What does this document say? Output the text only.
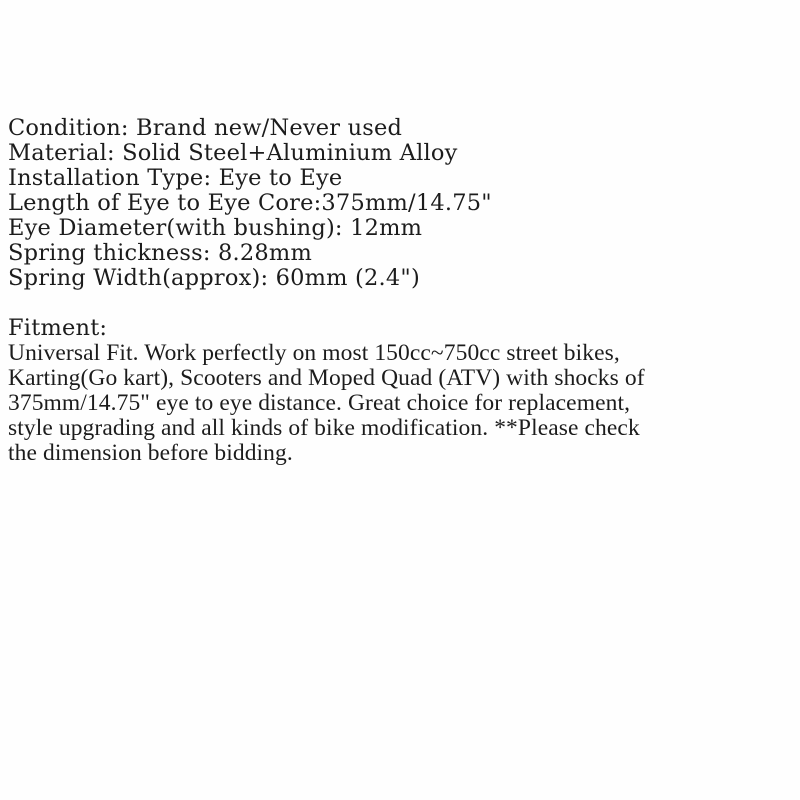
Condition: Brand new/Never used
Material: Solid Steel+Aluminium Alloy
Installation Type: Eye to Eye
Length of Eye to Eye Core:375mm/14.75"
Eye Diameter(with bushing): 12mm
Spring thickness: 8.28mm
Spring Width(approx): 60mm (2.4")
Fitment:
Universal Fit. Work perfectly on most 150cc~750cc street bikes,
Karting(Go kart), Scooters and Moped Quad (ATV) with shocks of
375mm/14.75" eye to eye distance. Great choice for replacement,
style upgrading and all kinds of bike modification. **Please check
the dimension before bidding.
